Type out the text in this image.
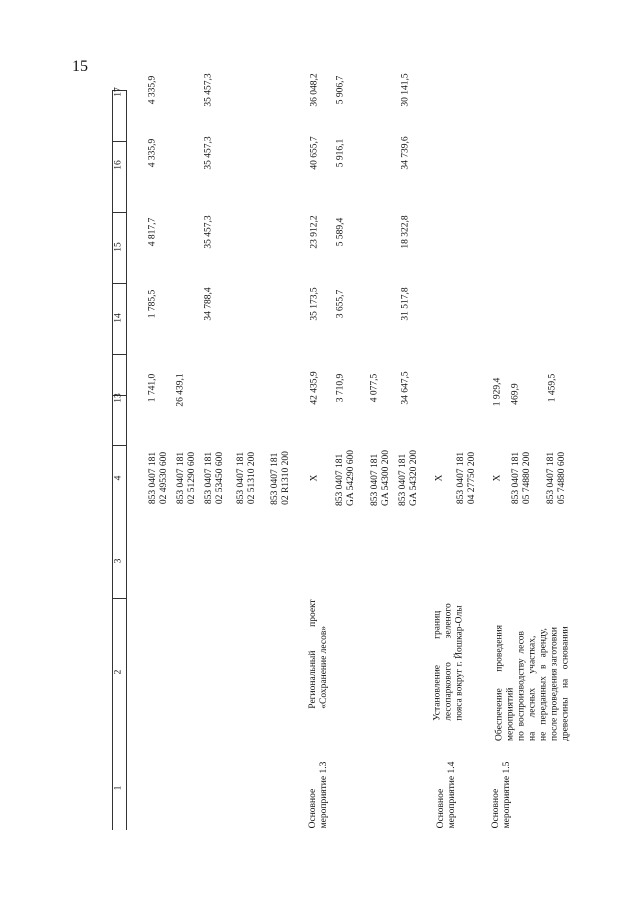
15
1
2
3
4
13
14
15
16
17
853 0407 181
02 49530 600
1 741,0
1 785,5
4 817,7
4 335,9
4 335,9
853 0407 181
02 51290 600
26 439,1
853 0407 181
02 53450 600
34 788,4
35 457,3
35 457,3
35 457,3
853 0407 181
02 51310 200
Основное
мероприятие 1.3
Региональный          проект
«Сохранение лесов»
853 0407 181
02 R1310 200
Х
42 435,9
35 173,5
23 912,2
40 655,7
36 048,2
853 0407 181
GA 54290 600
3 710,9
3 655,7
5 589,4
5 916,1
5 906,7
853 0407 181
GA 54300 200
4 077,5
853 0407 181
GA 54320 200
34 647,5
31 517,8
18 322,8
34 739,6
30 141,5
Основное
мероприятие 1.4
Установление           границ
лесопаркового          зеленого
пояса вокруг г. Йошкар-Олы
Х
853 0407 181
04 27750 200
Основное
мероприятие 1.5
Обеспечение       проведения
мероприятий
по  воспроизводству  лесов
на      лесных      участках,
не   переданных   в   аренду,
после проведения заготовки
древесины    на    основании
Х
1 929,4
853 0407 181
05 74880 200
469,9
853 0407 181
05 74880 600
1 459,5
